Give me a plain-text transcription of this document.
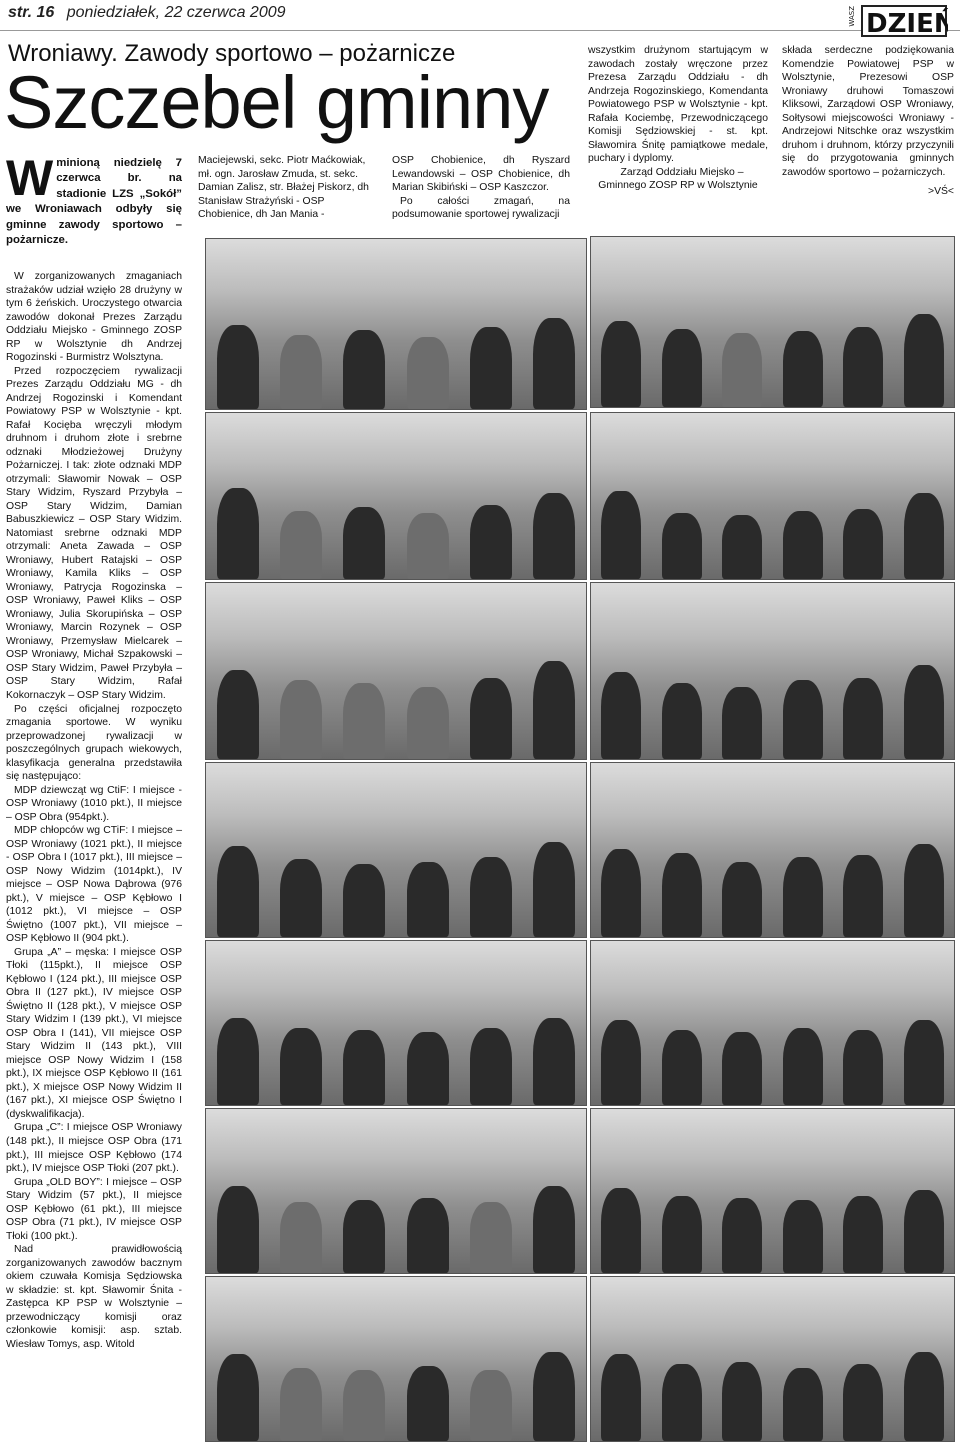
str. 16 poniedziałek, 22 czerwca 2009	DZIEŃ
WASZ
Wroniawy. Zawody sportowo – pożarnicze
Szczebel gminny
W minioną niedzielę 7 czerwca br. na stadionie LZS „Sokół” we Wroniawach odbyły się gminne zawody sportowo – pożarnicze.

W zorganizowanych zmaganiach strażaków udział wzięło 28 drużyny w tym 6 żeńskich. Uroczystego otwarcia zawodów dokonał Prezes Zarządu Oddziału Miejsko - Gminnego ZOSP RP w Wolsztynie dh Andrzej Rogozinski - Burmistrz Wolsztyna.

Przed rozpoczęciem rywalizacji Prezes Zarządu Oddziału MG - dh Andrzej Rogozinski i Komendant Powiatowy PSP w Wolsztynie - kpt. Rafał Kocięba wręczyli młodym druhnom i druhom złote i srebrne odznaki Młodzieżowej Drużyny Pożarniczej. I tak: złote odznaki MDP otrzymali: Sławomir Nowak – OSP Stary Widzim, Ryszard Przybyła – OSP Stary Widzim, Damian Babuszkiewicz – OSP Stary Widzim. Natomiast srebrne odznaki MDP otrzymali: Aneta Zawada – OSP Wroniawy, Hubert Ratajski – OSP Wroniawy, Kamila Kliks – OSP Wroniawy, Patrycja Rogozinska – OSP Wroniawy, Paweł Kliks – OSP Wroniawy, Julia Skorupińska – OSP Wroniawy, Marcin Rozynek – OSP Wroniawy, Przemysław Mielcarek – OSP Wroniawy, Michał Szpakowski – OSP Stary Widzim, Paweł Przybyła – OSP Stary Widzim, Rafał Kokornaczyk – OSP Stary Widzim.

Po części oficjalnej rozpoczęto zmagania sportowe. W wyniku przeprowadzonej rywalizacji w poszczególnych grupach wiekowych, klasyfikacja generalna przedstawiła się następująco:

MDP dziewcząt wg CtiF: I miejsce - OSP Wroniawy (1010 pkt.), II miejsce – OSP Obra (954pkt.).

MDP chłopców wg CTiF: I miejsce – OSP Wroniawy (1021 pkt.), II miejsce - OSP Obra I (1017 pkt.), III miejsce – OSP Nowy Widzim (1014pkt.), IV miejsce – OSP Nowa Dąbrowa (976 pkt.), V miejsce – OSP Kębłowo I (1012 pkt.), VI miejsce – OSP Świętno (1007 pkt.), VII miejsce – OSP Kębłowo II (904 pkt.).

Grupa „A” – męska: I miejsce OSP Tłoki (115pkt.), II miejsce OSP Kębłowo I (124 pkt.), III miejsce OSP Obra II (127 pkt.), IV miejsce OSP Świętno II (128 pkt.), V miejsce OSP Stary Widzim I (139 pkt.), VI miejsce OSP Obra I (141), VII miejsce OSP Stary Widzim II (143 pkt.), VIII miejsce OSP Nowy Widzim I (158 pkt.), IX miejsce OSP Kębłowo II (161 pkt.), X miejsce OSP Nowy Widzim II (167 pkt.), XI miejsce OSP Świętno I (dyskwalifikacja).

Grupa „C”: I miejsce OSP Wroniawy (148 pkt.), II miejsce OSP Obra (171 pkt.), III miejsce OSP Kębłowo (174 pkt.), IV miejsce OSP Tłoki (207 pkt.).

Grupa „OLD BOY”: I miejsce – OSP Stary Widzim (57 pkt.), II miejsce OSP Kębłowo (61 pkt.), III miejsce OSP Obra (71 pkt.), IV miejsce OSP Tłoki (100 pkt.).

Nad prawidłowością zorganizowanych zawodów bacznym okiem czuwała Komisja Sędziowska w składzie: st. kpt. Sławomir Śnita - Zastępca KP PSP w Wolsztynie – przewodniczący komisji oraz członkowie komisji: asp. sztab. Wiesław Tomys, asp. Witold

Maciejewski, sekc. Piotr Maćkowiak, mł. ogn. Jarosław Zmuda, st. sekc. Damian Zalisz, str. Błażej Piskorz, dh Stanisław Strażyński - OSP Chobienice, dh Jan Mania -

OSP Chobienice, dh Ryszard Lewandowski – OSP Chobienice, dh Marian Skibiński – OSP Kaszczor.

Po całości zmagań, na podsumowanie sportowej rywalizacji

wszystkim drużynom startującym w zawodach zostały wręczone przez Prezesa Zarządu Oddziału - dh Andrzeja Rogozinskiego, Komendanta Powiatowego PSP w Wolsztynie - kpt. Rafała Kociembę, Przewodniczącego Komisji Sędziowskiej - st. kpt. Sławomira Śnitę pamiątkowe medale, puchary i dyplomy.

Zarząd Oddziału Miejsko – Gminnego ZOSP RP w Wolsztynie

składa serdeczne podziękowania Komendzie Powiatowej PSP w Wolsztynie, Prezesowi OSP Wroniawy druhowi Tomaszowi Kliksowi, Zarządowi OSP Wroniawy, Sołtysowi miejscowości Wroniawy - Andrzejowi Nitschke oraz wszystkim druhom i druhnom, którzy przyczynili się do przygotowania gminnych zawodów sportowo – pożarniczych.

>VŚ<
